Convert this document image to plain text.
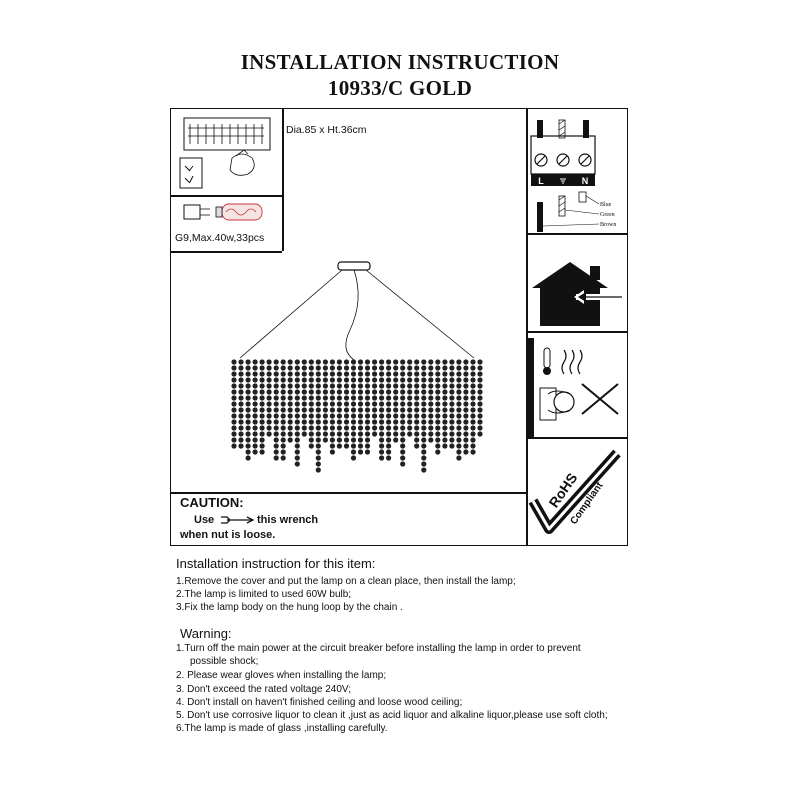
INSTALLATION INSTRUCTION
10933/C GOLD
Dia.85 x Ht.36cm
G9,Max.40w,33pcs
CAUTION:
Use	this wrench
when nut is loose.
L	N
Blue
Green
Brown
RoHS
Compliant
Installation instruction for this item:
1.Remove the cover and put the lamp on a clean place, then install the lamp;
2.The lamp is limited to used 60W bulb;
3.Fix the lamp body on the hung loop by the chain .
Warning:
1.Turn off the main power at the circuit breaker before installing the lamp in order to prevent
possible shock;
2. Please wear gloves when installing the lamp;
3. Don't exceed the rated voltage 240V;
4. Don't install on haven't finished ceiling and loose wood ceiling;
5. Don't use corrosive liquor to clean it ,just as acid liquor and alkaline liquor,please use soft cloth;
6.The lamp is made of glass ,installing carefully.
